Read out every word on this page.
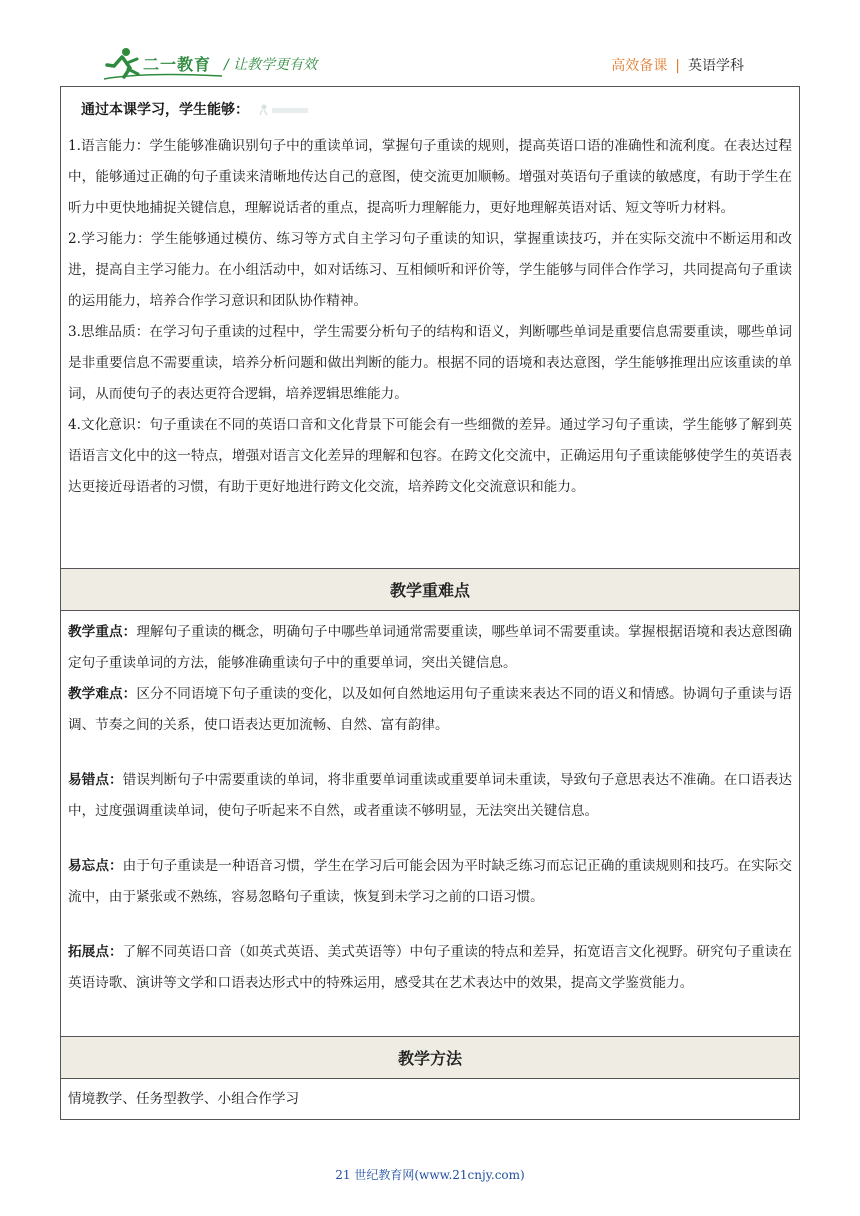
二一教育 / 让教学更有效	高效备课 | 英语学科
通过本课学习，学生能够：

1.语言能力：学生能够准确识别句子中的重读单词，掌握句子重读的规则，提高英语口语的准确性和流利度。在表达过程中，能够通过正确的句子重读来清晰地传达自己的意图，使交流更加顺畅。增强对英语句子重读的敏感度，有助于学生在听力中更快地捕捉关键信息，理解说话者的重点，提高听力理解能力，更好地理解英语对话、短文等听力材料。

2.学习能力：学生能够通过模仿、练习等方式自主学习句子重读的知识，掌握重读技巧，并在实际交流中不断运用和改进，提高自主学习能力。在小组活动中，如对话练习、互相倾听和评价等，学生能够与同伴合作学习，共同提高句子重读的运用能力，培养合作学习意识和团队协作精神。

3.思维品质：在学习句子重读的过程中，学生需要分析句子的结构和语义，判断哪些单词是重要信息需要重读，哪些单词是非重要信息不需要重读，培养分析问题和做出判断的能力。根据不同的语境和表达意图，学生能够推理出应该重读的单词，从而使句子的表达更符合逻辑，培养逻辑思维能力。

4.文化意识：句子重读在不同的英语口音和文化背景下可能会有一些细微的差异。通过学习句子重读，学生能够了解到英语语言文化中的这一特点，增强对语言文化差异的理解和包容。在跨文化交流中，正确运用句子重读能够使学生的英语表达更接近母语者的习惯，有助于更好地进行跨文化交流，培养跨文化交流意识和能力。

教学重难点

教学重点：理解句子重读的概念，明确句子中哪些单词通常需要重读，哪些单词不需要重读。掌握根据语境和表达意图确定句子重读单词的方法，能够准确重读句子中的重要单词，突出关键信息。

教学难点：区分不同语境下句子重读的变化，以及如何自然地运用句子重读来表达不同的语义和情感。协调句子重读与语调、节奏之间的关系，使口语表达更加流畅、自然、富有韵律。

易错点：错误判断句子中需要重读的单词，将非重要单词重读或重要单词未重读，导致句子意思表达不准确。在口语表达中，过度强调重读单词，使句子听起来不自然，或者重读不够明显，无法突出关键信息。

易忘点：由于句子重读是一种语音习惯，学生在学习后可能会因为平时缺乏练习而忘记正确的重读规则和技巧。在实际交流中，由于紧张或不熟练，容易忽略句子重读，恢复到未学习之前的口语习惯。

拓展点：了解不同英语口音（如英式英语、美式英语等）中句子重读的特点和差异，拓宽语言文化视野。研究句子重读在英语诗歌、演讲等文学和口语表达形式中的特殊运用，感受其在艺术表达中的效果，提高文学鉴赏能力。

教学方法
情境教学、任务型教学、小组合作学习
21 世纪教育网(www.21cnjy.com)
